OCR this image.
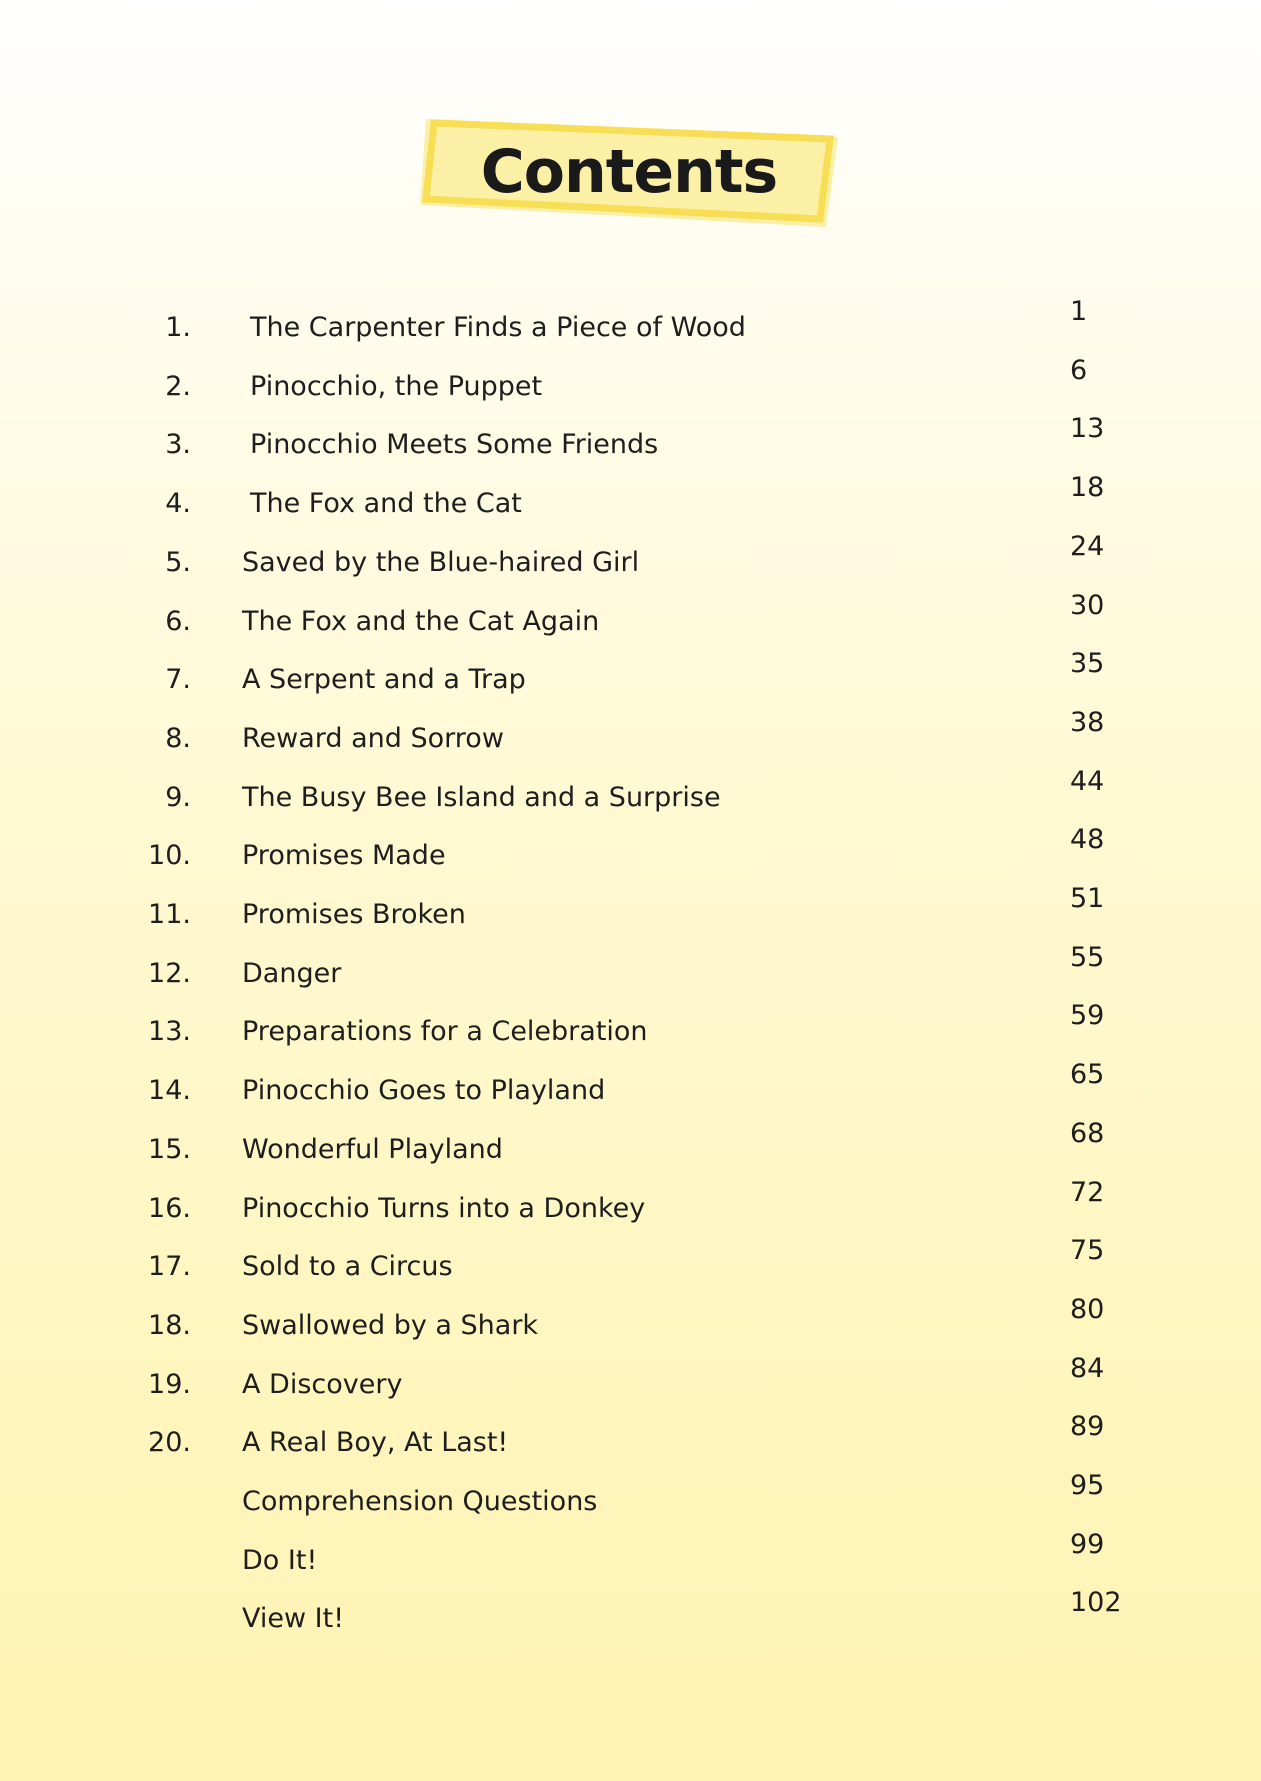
Contents
1. The Carpenter Finds a Piece of Wood
1
2. Pinocchio, the Puppet
6
3. Pinocchio Meets Some Friends
13
4. The Fox and the Cat
18
5. Saved by the Blue-haired Girl
24
6. The Fox and the Cat Again
30
7. A Serpent and a Trap
35
8. Reward and Sorrow
38
9. The Busy Bee Island and a Surprise
44
10. Promises Made
48
11. Promises Broken
51
12. Danger
55
13. Preparations for a Celebration
59
14. Pinocchio Goes to Playland
65
15. Wonderful Playland
68
16. Pinocchio Turns into a Donkey
72
17. Sold to a Circus
75
18. Swallowed by a Shark
80
19. A Discovery
84
20. A Real Boy, At Last!
89
Comprehension Questions
95
Do It!
99
View It!
102
